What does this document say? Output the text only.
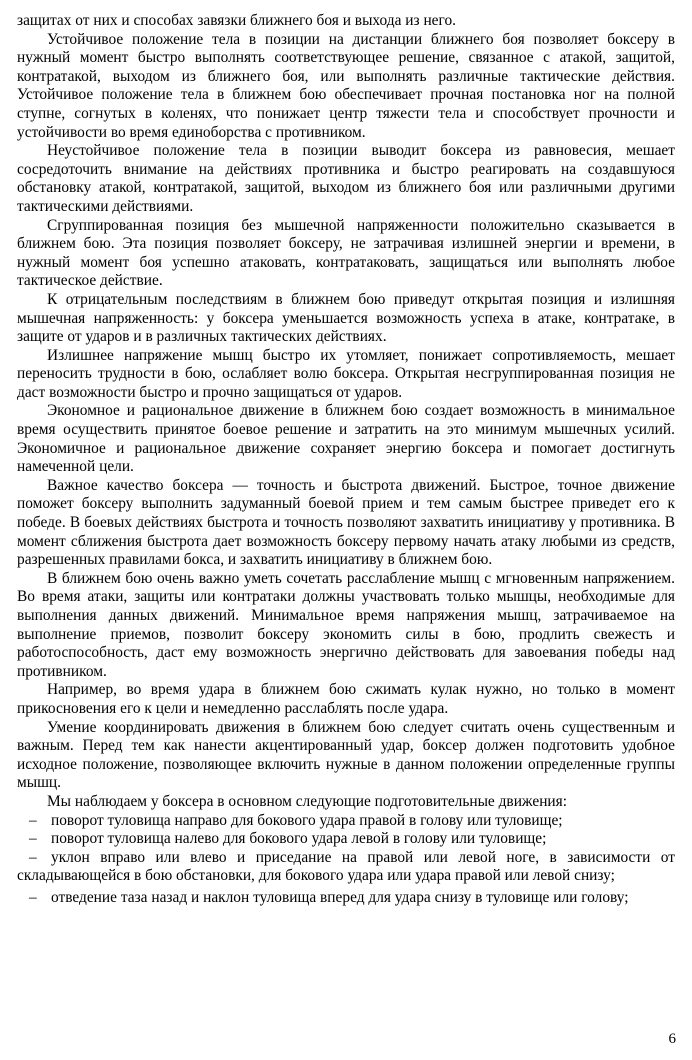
защитах от них и способах завязки ближнего боя и выхода из него.

Устойчивое положение тела в позиции на дистанции ближнего боя позволяет боксеру в нужный момент быстро выполнять соответствующее решение, связанное с атакой, защитой, контратакой, выходом из ближнего боя, или выполнять различные тактические действия. Устойчивое положение тела в ближнем бою обеспечивает прочная постановка ног на полной ступне, согнутых в коленях, что понижает центр тяжести тела и способствует прочности и устойчивости во время единоборства с противником.

Неустойчивое положение тела в позиции выводит боксера из равновесия, мешает сосредоточить внимание на действиях противника и быстро реагировать на создавшуюся обстановку атакой, контратакой, защитой, выходом из ближнего боя или различными другими тактическими действиями.

Сгруппированная позиция без мышечной напряженности положительно сказывается в ближнем бою. Эта позиция позволяет боксеру, не затрачивая излишней энергии и времени, в нужный момент боя успешно атаковать, контратаковать, защищаться или выполнять любое тактическое действие.

К отрицательным последствиям в ближнем бою приведут открытая позиция и излишняя мышечная напряженность: у боксера уменьшается возможность успеха в атаке, контратаке, в защите от ударов и в различных тактических действиях.

Излишнее напряжение мышц быстро их утомляет, понижает сопротивляемость, мешает переносить трудности в бою, ослабляет волю боксера. Открытая несгруппированная позиция не даст возможности быстро и прочно защищаться от ударов.

Экономное и рациональное движение в ближнем бою создает возможность в минимальное время осуществить принятое боевое решение и затратить на это минимум мышечных усилий. Экономичное и рациональное движение сохраняет энергию боксера и помогает достигнуть намеченной цели.

Важное качество боксера — точность и быстрота движений. Быстрое, точное движение поможет боксеру выполнить задуманный боевой прием и тем самым быстрее приведет его к победе. В боевых действиях быстрота и точность позволяют захватить инициативу у противника. В момент сближения быстрота дает возможность боксеру первому начать атаку любыми из средств, разрешенных правилами бокса, и захватить инициативу в ближнем бою.

В ближнем бою очень важно уметь сочетать расслабление мышц с мгновенным напряжением. Во время атаки, защиты или контратаки должны участвовать только мышцы, необходимые для выполнения данных движений. Минимальное время напряжения мышц, затрачиваемое на выполнение приемов, позволит боксеру экономить силы в бою, продлить свежесть и работоспособность, даст ему возможность энергично действовать для завоевания победы над противником.

Например, во время удара в ближнем бою сжимать кулак нужно, но только в момент прикосновения его к цели и немедленно расслаблять после удара.

Умение координировать движения в ближнем бою следует считать очень существенным и важным. Перед тем как нанести акцентированный удар, боксер должен подготовить удобное исходное положение, позволяющее включить нужные в данном положении определенные группы мышц.

Мы наблюдаем у боксера в основном следующие подготовительные движения:

– поворот туловища направо для бокового удара правой в голову или туловище;

– поворот туловища налево для бокового удара левой в голову или туловище;

– уклон вправо или влево и приседание на правой или левой ноге, в зависимости от складывающейся в бою обстановки, для бокового удара или удара правой или левой снизу;

– отведение таза назад и наклон туловища вперед для удара снизу в туловище или голову;

6
